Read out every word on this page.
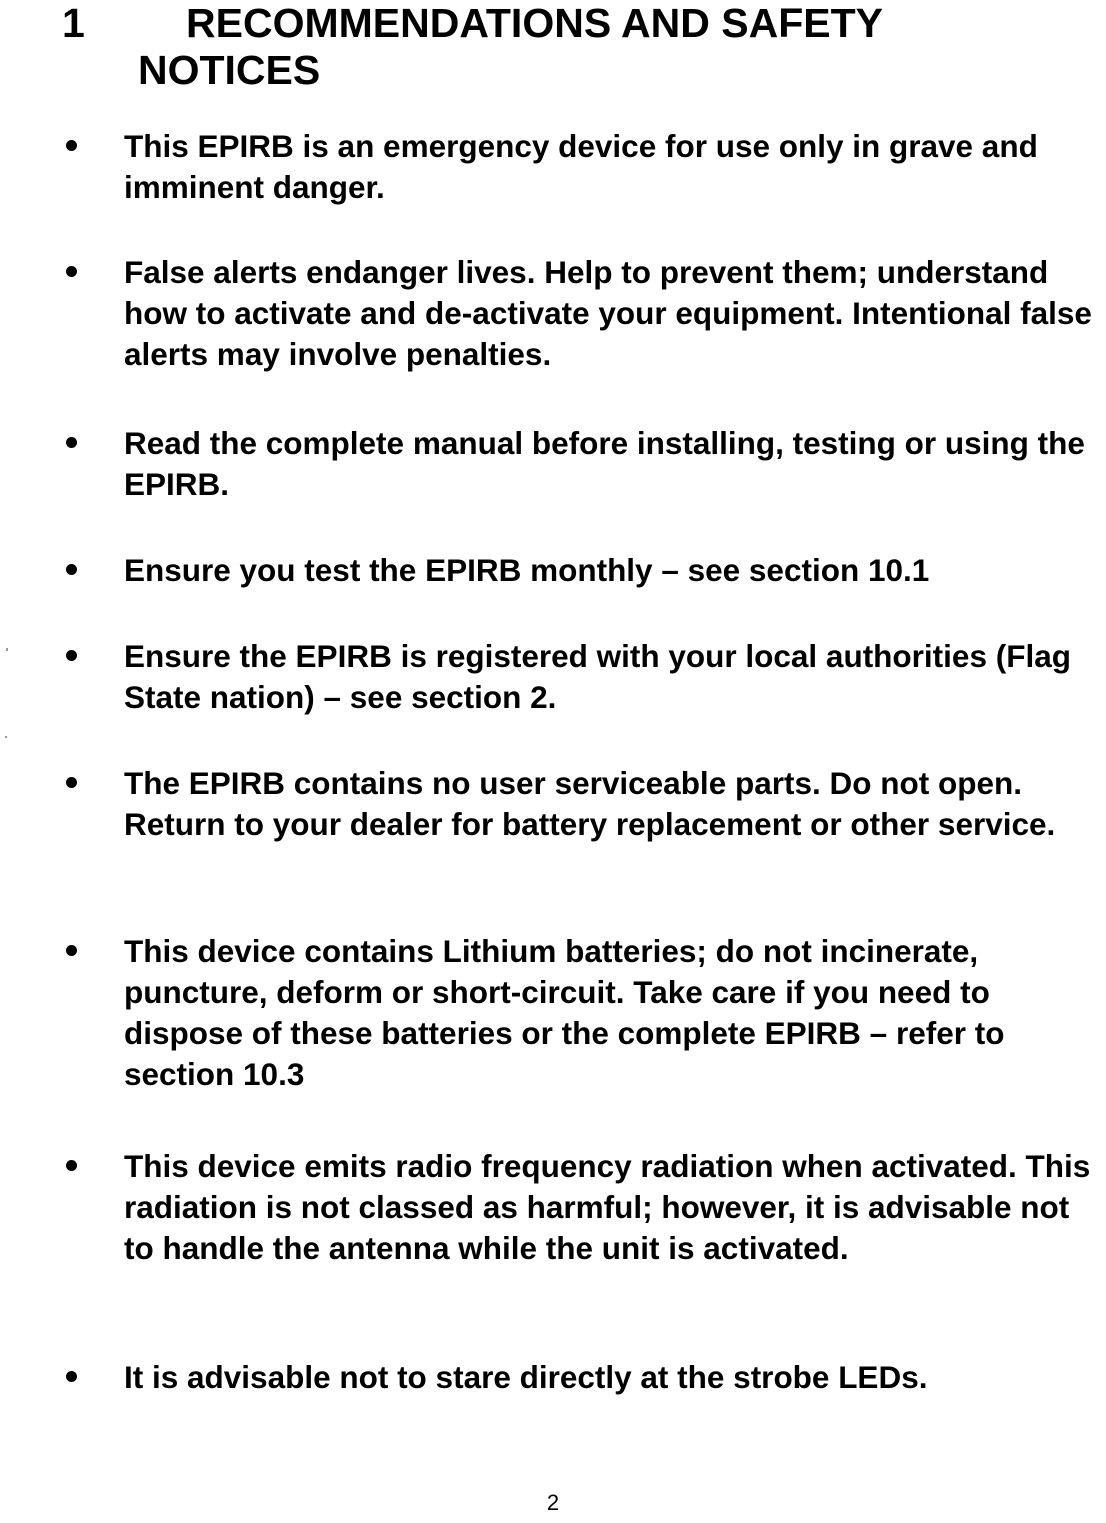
1	RECOMMENDATIONS AND SAFETY NOTICES
This EPIRB is an emergency device for use only in grave and imminent danger.
False alerts endanger lives. Help to prevent them; understand how to activate and de-activate your equipment. Intentional false alerts may involve penalties.
Read the complete manual before installing, testing or using the EPIRB.
Ensure you test the EPIRB monthly – see section 10.1
Ensure the EPIRB is registered with your local authorities (Flag State nation) – see section 2.
The EPIRB contains no user serviceable parts. Do not open. Return to your dealer for battery replacement or other service.
This device contains Lithium batteries; do not incinerate, puncture, deform or short-circuit. Take care if you need to dispose of these batteries or the complete EPIRB – refer to section 10.3
This device emits radio frequency radiation when activated. This radiation is not classed as harmful; however, it is advisable not to handle the antenna while the unit is activated.
It is advisable not to stare directly at the strobe LEDs.
2
